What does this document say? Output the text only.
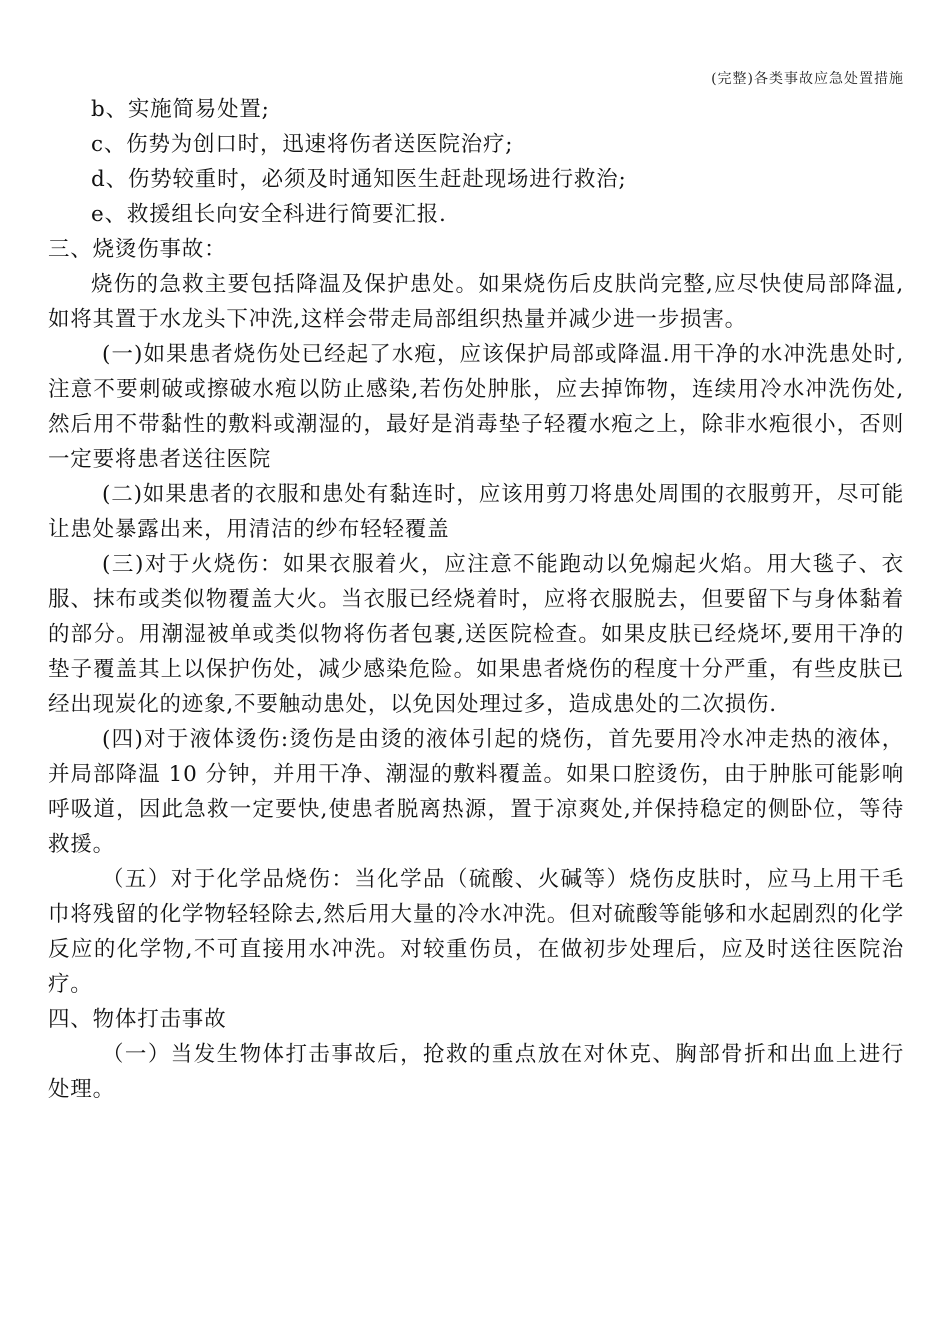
(完整)各类事故应急处置措施
b、实施简易处置;
c、伤势为创口时，迅速将伤者送医院治疗;
d、伤势较重时，必须及时通知医生赶赴现场进行救治;
e、救援组长向安全科进行简要汇报.
三、烧烫伤事故：
烧伤的急救主要包括降温及保护患处。如果烧伤后皮肤尚完整,应尽快使局部降温,如将其置于水龙头下冲洗,这样会带走局部组织热量并减少进一步损害。
(一)如果患者烧伤处已经起了水疱，应该保护局部或降温.用干净的水冲洗患处时,注意不要刺破或擦破水疱以防止感染,若伤处肿胀，应去掉饰物，连续用冷水冲洗伤处,然后用不带黏性的敷料或潮湿的，最好是消毒垫子轻覆水疱之上，除非水疱很小，否则一定要将患者送往医院
(二)如果患者的衣服和患处有黏连时，应该用剪刀将患处周围的衣服剪开，尽可能让患处暴露出来，用清洁的纱布轻轻覆盖
(三)对于火烧伤：如果衣服着火，应注意不能跑动以免煽起火焰。用大毯子、衣服、抹布或类似物覆盖大火。当衣服已经烧着时，应将衣服脱去，但要留下与身体黏着的部分。用潮湿被单或类似物将伤者包裹,送医院检查。如果皮肤已经烧坏,要用干净的垫子覆盖其上以保护伤处，减少感染危险。如果患者烧伤的程度十分严重，有些皮肤已经出现炭化的迹象,不要触动患处，以免因处理过多，造成患处的二次损伤.
(四)对于液体烫伤:烫伤是由烫的液体引起的烧伤，首先要用冷水冲走热的液体，并局部降温 10 分钟，并用干净、潮湿的敷料覆盖。如果口腔烫伤，由于肿胀可能影响呼吸道，因此急救一定要快,使患者脱离热源，置于凉爽处,并保持稳定的侧卧位，等待救援。
（五）对于化学品烧伤：当化学品（硫酸、火碱等）烧伤皮肤时，应马上用干毛巾将残留的化学物轻轻除去,然后用大量的冷水冲洗。但对硫酸等能够和水起剧烈的化学反应的化学物,不可直接用水冲洗。对较重伤员，在做初步处理后，应及时送往医院治疗。
四、物体打击事故
（一）当发生物体打击事故后，抢救的重点放在对休克、胸部骨折和出血上进行处理。
